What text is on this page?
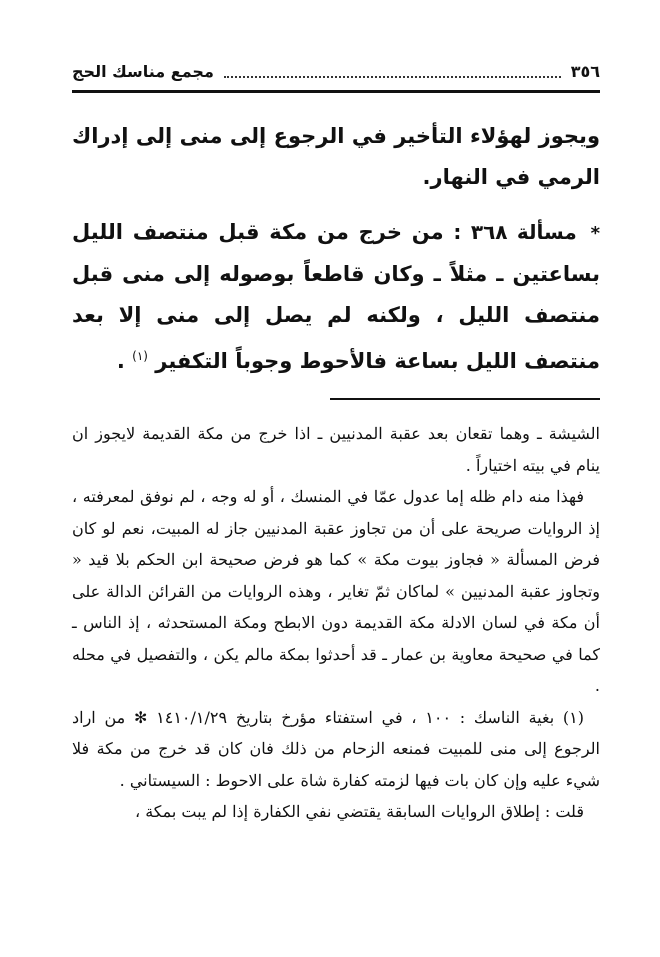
٣٥٦
مجمع مناسك الحج

ويجوز لهؤلاء التأخير في الرجوع إلى منى إلى إدراك الرمي في النهار.

* مسألة ٣٦٨ : من خرج من مكة قبل منتصف الليل بساعتين ـ مثلاً ـ وكان قاطعاً بوصوله إلى منى قبل منتصف الليل ، ولكنه لم يصل إلى منى إلا بعد منتصف الليل بساعة فالأحوط وجوباً التكفير $^{(١)}$ .

الشيشة ـ وهما تقعان بعد عقبة المدنيين ـ اذا خرج من مكة القديمة لايجوز ان ينام في بيته اختياراً .

فهذا منه دام ظله إما عدول عمّا في المنسك ، أو له وجه ، لم نوفق لمعرفته ، إذ الروايات صريحة على أن من تجاوز عقبة المدنيين جاز له المبيت، نعم لو كان فرض المسألة « فجاوز بيوت مكة » كما هو فرض صحيحة ابن الحكم بلا قيد « وتجاوز عقبة المدنيين » لماكان ثمّ تغاير ، وهذه الروايات من القرائن الدالة على أن مكة في لسان الادلة مكة القديمة دون الابطح ومكة المستحدثه ، إذ الناس ـ كما في صحيحة معاوية بن عمار ـ قد أحدثوا بمكة مالم يكن ، والتفصيل في محله .

(١) بغية الناسك : ١٠٠ ، في استفتاء مؤرخ بتاريخ ١٤١٠/١/٢٩ ✻ من اراد الرجوع إلى منى للمبيت فمنعه الزحام من ذلك فان كان قد خرج من مكة فلا شيء عليه وإن كان بات فيها لزمته كفارة شاة على الاحوط : السيستاني .

قلت : إطلاق الروايات السابقة يقتضي نفي الكفارة إذا لم يبت بمكة ،
